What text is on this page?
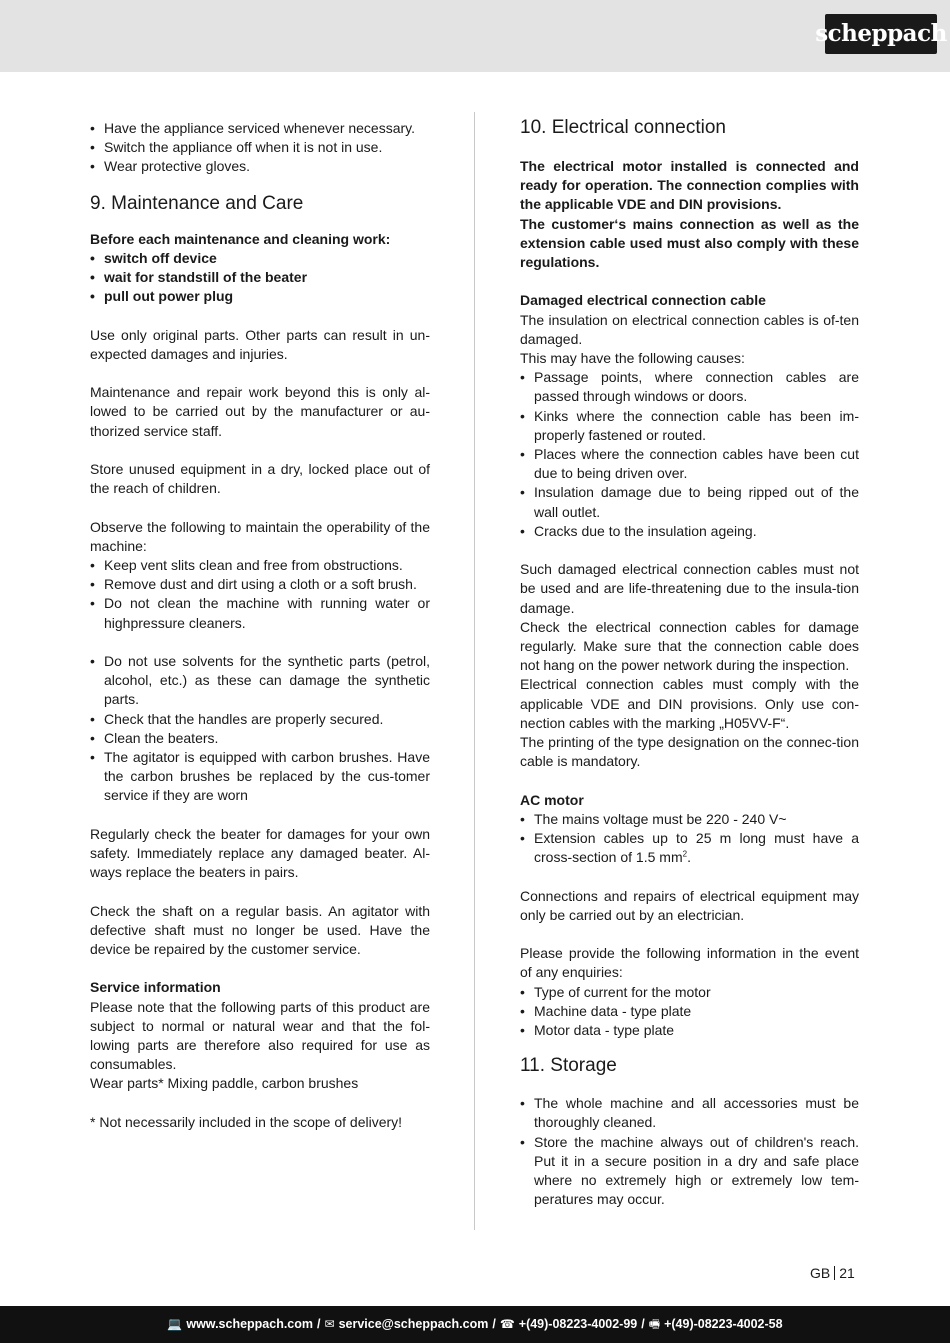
scheppach
• Have the appliance serviced whenever necessary.
• Switch the appliance off when it is not in use.
• Wear protective gloves.
9. Maintenance and Care

Before each maintenance and cleaning work:

• switch off device
• wait for standstill of the beater
• pull out power plug

Use only original parts. Other parts can result in un-expected damages and injuries.

Maintenance and repair work beyond this is only al-lowed to be carried out by the manufacturer or au-thorized service staff.

Store unused equipment in a dry, locked place out of the reach of children.

Observe the following to maintain the operability of the machine:

• Keep vent slits clean and free from obstructions.
• Remove dust and dirt using a cloth or a soft brush.
• Do not clean the machine with running water or highpressure cleaners.
• Do not use solvents for the synthetic parts (petrol, alcohol, etc.) as these can damage the synthetic parts.
• Check that the handles are properly secured.
• Clean the beaters.
• The agitator is equipped with carbon brushes. Have the carbon brushes be replaced by the cus-tomer service if they are worn

Regularly check the beater for damages for your own safety. Immediately replace any damaged beater. Al-ways replace the beaters in pairs.

Check the shaft on a regular basis. An agitator with defective shaft must no longer be used. Have the device be repaired by the customer service.

Service information

Please note that the following parts of this product are subject to normal or natural wear and that the fol-lowing parts are therefore also required for use as consumables.

Wear parts* Mixing paddle, carbon brushes

* Not necessarily included in the scope of delivery!

10. Electrical connection

The electrical motor installed is connected and ready for operation. The connection complies with the applicable VDE and DIN provisions.

The customer‘s mains connection as well as the extension cable used must also comply with these regulations.

Damaged electrical connection cable

The insulation on electrical connection cables is of-ten damaged.

This may have the following causes:

• Passage points, where connection cables are passed through windows or doors.
• Kinks where the connection cable has been im-properly fastened or routed.
• Places where the connection cables have been cut due to being driven over.
• Insulation damage due to being ripped out of the wall outlet.
• Cracks due to the insulation ageing.

Such damaged electrical connection cables must not be used and are life-threatening due to the insula-tion damage.

Check the electrical connection cables for damage regularly. Make sure that the connection cable does not hang on the power network during the inspection.

Electrical connection cables must comply with the applicable VDE and DIN provisions. Only use con-nection cables with the marking „H05VV-F“.

The printing of the type designation on the connec-tion cable is mandatory.

AC motor

• The mains voltage must be 220 - 240 V~
• Extension cables up to 25 m long must have a cross-section of 1.5 $mm^2$.

Connections and repairs of electrical equipment may only be carried out by an electrician.

Please provide the following information in the event of any enquiries:

• Type of current for the motor
• Machine data - type plate
• Motor data - type plate
11. Storage
• The whole machine and all accessories must be thoroughly cleaned.
• Store the machine always out of children's reach. Put it in a secure position in a dry and safe place where no extremely high or extremely low tem-peratures may occur.
GB 21
💻 www.scheppach.com / ✉ service@scheppach.com / ☎ +(49)-08223-4002-99 / 🖷 +(49)-08223-4002-58
